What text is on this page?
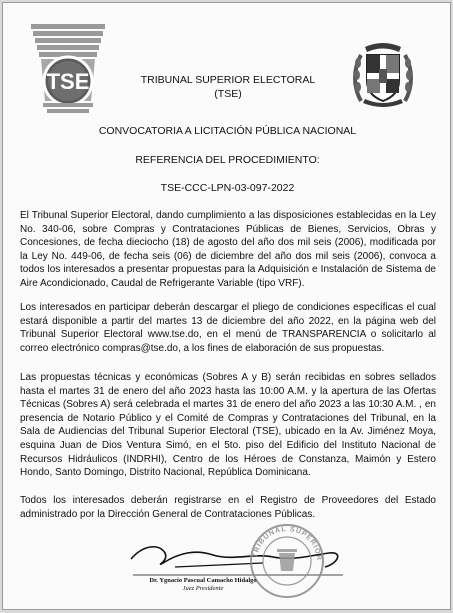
TSE	TRIBUNAL SUPERIOR ELECTORAL
(TSE)
CONVOCATORIA A LICITACIÓN PÚBLICA NACIONAL
REFERENCIA DEL PROCEDIMIENTO:
TSE-CCC-LPN-03-097-2022

El Tribunal Superior Electoral, dando cumplimiento a las disposiciones establecidas en la Ley No. 340-06, sobre Compras y Contrataciones Públicas de Bienes, Servicios, Obras y Concesiones, de fecha dieciocho (18) de agosto del año dos mil seis (2006), modificada por la Ley No. 449-06, de fecha seis (06) de diciembre del año dos mil seis (2006), convoca a todos los interesados a presentar propuestas para la Adquisición e Instalación de Sistema de Aire Acondicionado, Caudal de Refrigerante Variable (tipo VRF).

Los interesados en participar deberán descargar el pliego de condiciones específicas el cual estará disponible a partir del martes 13 de diciembre del año 2022, en la página web del Tribunal Superior Electoral www.tse.do, en el menú de TRANSPARENCIA o solicitarlo al correo electrónico compras@tse.do, a los fines de elaboración de sus propuestas.

Las propuestas técnicas y económicas (Sobres A y B) serán recibidas en sobres sellados hasta el martes 31 de enero del año 2023 hasta las 10:00 A.M. y la apertura de las Ofertas Técnicas (Sobres A) será celebrada el martes 31 de enero del año 2023 a las 10:30 A.M. , en presencia de Notario Público y el Comité de Compras y Contrataciones del Tribunal, en la Sala de Audiencias del Tribunal Superior Electoral (TSE), ubicado en la Av. Jiménez Moya, esquina Juan de Dios Ventura Simó, en el 5to. piso del Edificio del Instituto Nacional de Recursos Hidráulicos (INDRHI), Centro de los Héroes de Constanza, Maimón y Estero Hondo, Santo Domingo, Distrito Nacional, República Dominicana.

Todos los interesados deberán registrarse en el Registro de Proveedores del Estado administrado por la Dirección General de Contrataciones Públicas.

TRIBUNAL SUPERIOR
Dr. Ygnacio Pascual Camacho Hidalgo
Juez Presidente
